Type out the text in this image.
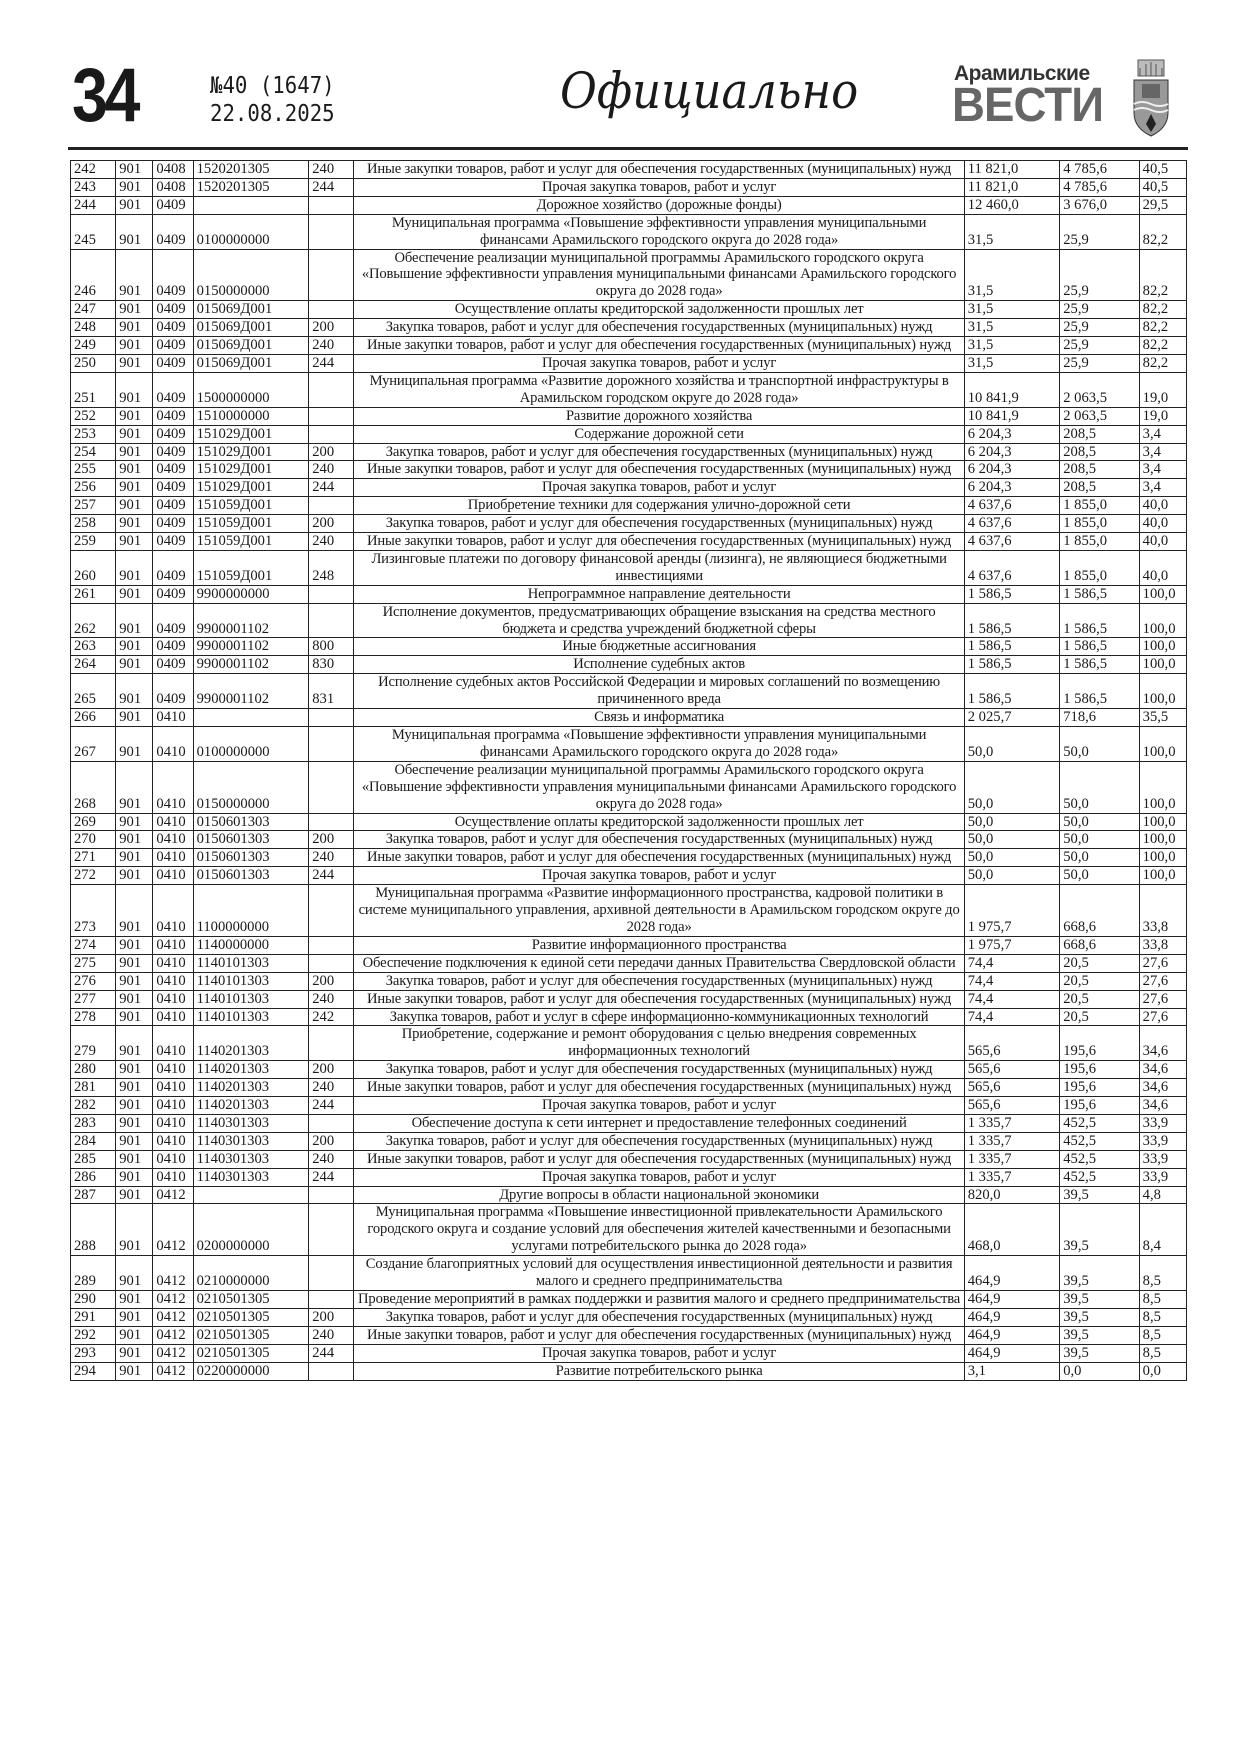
34	№40 (1647)
22.08.2025	Официально	Арамильские
ВЕСТИ
242	901	0408	1520201305	240	Иные закупки товаров, работ и услуг для обеспечения государственных (муниципальных) нужд	11 821,0	4 785,6	40,5
243	901	0408	1520201305	244	Прочая закупка товаров, работ и услуг	11 821,0	4 785,6	40,5
244	901	0409			Дорожное хозяйство (дорожные фонды)	12 460,0	3 676,0	29,5
245	901	0409	0100000000		Муниципальная программа «Повышение эффективности управления муниципальными финансами Арамильского городского округа до 2028 года»	31,5	25,9	82,2
246	901	0409	0150000000		Обеспечение реализации муниципальной программы Арамильского городского округа «Повышение эффективности управления муниципальными финансами Арамильского городского округа до 2028 года»	31,5	25,9	82,2
247	901	0409	015069Д001		Осуществление оплаты кредиторской задолженности прошлых лет	31,5	25,9	82,2
248	901	0409	015069Д001	200	Закупка товаров, работ и услуг для обеспечения государственных (муниципальных) нужд	31,5	25,9	82,2
249	901	0409	015069Д001	240	Иные закупки товаров, работ и услуг для обеспечения государственных (муниципальных) нужд	31,5	25,9	82,2
250	901	0409	015069Д001	244	Прочая закупка товаров, работ и услуг	31,5	25,9	82,2
251	901	0409	1500000000		Муниципальная программа «Развитие дорожного хозяйства и транспортной инфраструктуры в Арамильском городском округе до 2028 года»	10 841,9	2 063,5	19,0
252	901	0409	1510000000		Развитие дорожного хозяйства	10 841,9	2 063,5	19,0
253	901	0409	151029Д001		Содержание дорожной сети	6 204,3	208,5	3,4
254	901	0409	151029Д001	200	Закупка товаров, работ и услуг для обеспечения государственных (муниципальных) нужд	6 204,3	208,5	3,4
255	901	0409	151029Д001	240	Иные закупки товаров, работ и услуг для обеспечения государственных (муниципальных) нужд	6 204,3	208,5	3,4
256	901	0409	151029Д001	244	Прочая закупка товаров, работ и услуг	6 204,3	208,5	3,4
257	901	0409	151059Д001		Приобретение техники для содержания улично-дорожной сети	4 637,6	1 855,0	40,0
258	901	0409	151059Д001	200	Закупка товаров, работ и услуг для обеспечения государственных (муниципальных) нужд	4 637,6	1 855,0	40,0
259	901	0409	151059Д001	240	Иные закупки товаров, работ и услуг для обеспечения государственных (муниципальных) нужд	4 637,6	1 855,0	40,0
260	901	0409	151059Д001	248	Лизинговые платежи по договору финансовой аренды (лизинга), не являющиеся бюджетными инвестициями	4 637,6	1 855,0	40,0
261	901	0409	9900000000		Непрограммное направление деятельности	1 586,5	1 586,5	100,0
262	901	0409	9900001102		Исполнение документов, предусматривающих обращение взыскания на средства местного бюджета и средства учреждений бюджетной сферы	1 586,5	1 586,5	100,0
263	901	0409	9900001102	800	Иные бюджетные ассигнования	1 586,5	1 586,5	100,0
264	901	0409	9900001102	830	Исполнение судебных актов	1 586,5	1 586,5	100,0
265	901	0409	9900001102	831	Исполнение судебных актов Российской Федерации и мировых соглашений по возмещению причиненного вреда	1 586,5	1 586,5	100,0
266	901	0410			Связь и информатика	2 025,7	718,6	35,5
267	901	0410	0100000000		Муниципальная программа «Повышение эффективности управления муниципальными финансами Арамильского городского округа до 2028 года»	50,0	50,0	100,0
268	901	0410	0150000000		Обеспечение реализации муниципальной программы Арамильского городского округа «Повышение эффективности управления муниципальными финансами Арамильского городского округа до 2028 года»	50,0	50,0	100,0
269	901	0410	0150601303		Осуществление оплаты кредиторской задолженности прошлых лет	50,0	50,0	100,0
270	901	0410	0150601303	200	Закупка товаров, работ и услуг для обеспечения государственных (муниципальных) нужд	50,0	50,0	100,0
271	901	0410	0150601303	240	Иные закупки товаров, работ и услуг для обеспечения государственных (муниципальных) нужд	50,0	50,0	100,0
272	901	0410	0150601303	244	Прочая закупка товаров, работ и услуг	50,0	50,0	100,0
273	901	0410	1100000000		Муниципальная программа «Развитие информационного пространства, кадровой политики в системе муниципального управления, архивной деятельности в Арамильском городском округе до 2028 года»	1 975,7	668,6	33,8
274	901	0410	1140000000		Развитие информационного пространства	1 975,7	668,6	33,8
275	901	0410	1140101303		Обеспечение подключения к единой сети передачи данных Правительства Свердловской области	74,4	20,5	27,6
276	901	0410	1140101303	200	Закупка товаров, работ и услуг для обеспечения государственных (муниципальных) нужд	74,4	20,5	27,6
277	901	0410	1140101303	240	Иные закупки товаров, работ и услуг для обеспечения государственных (муниципальных) нужд	74,4	20,5	27,6
278	901	0410	1140101303	242	Закупка товаров, работ и услуг в сфере информационно-коммуникационных технологий	74,4	20,5	27,6
279	901	0410	1140201303		Приобретение, содержание и ремонт оборудования с целью внедрения современных информационных технологий	565,6	195,6	34,6
280	901	0410	1140201303	200	Закупка товаров, работ и услуг для обеспечения государственных (муниципальных) нужд	565,6	195,6	34,6
281	901	0410	1140201303	240	Иные закупки товаров, работ и услуг для обеспечения государственных (муниципальных) нужд	565,6	195,6	34,6
282	901	0410	1140201303	244	Прочая закупка товаров, работ и услуг	565,6	195,6	34,6
283	901	0410	1140301303		Обеспечение доступа к сети интернет и предоставление телефонных соединений	1 335,7	452,5	33,9
284	901	0410	1140301303	200	Закупка товаров, работ и услуг для обеспечения государственных (муниципальных) нужд	1 335,7	452,5	33,9
285	901	0410	1140301303	240	Иные закупки товаров, работ и услуг для обеспечения государственных (муниципальных) нужд	1 335,7	452,5	33,9
286	901	0410	1140301303	244	Прочая закупка товаров, работ и услуг	1 335,7	452,5	33,9
287	901	0412			Другие вопросы в области национальной экономики	820,0	39,5	4,8
288	901	0412	0200000000		Муниципальная программа «Повышение инвестиционной привлекательности Арамильского городского округа и создание условий для обеспечения жителей качественными и безопасными услугами потребительского рынка до 2028 года»	468,0	39,5	8,4
289	901	0412	0210000000		Создание благоприятных условий для осуществления инвестиционной деятельности и развития малого и среднего предпринимательства	464,9	39,5	8,5
290	901	0412	0210501305		Проведение мероприятий в рамках поддержки и развития малого и среднего предпринимательства	464,9	39,5	8,5
291	901	0412	0210501305	200	Закупка товаров, работ и услуг для обеспечения государственных (муниципальных) нужд	464,9	39,5	8,5
292	901	0412	0210501305	240	Иные закупки товаров, работ и услуг для обеспечения государственных (муниципальных) нужд	464,9	39,5	8,5
293	901	0412	0210501305	244	Прочая закупка товаров, работ и услуг	464,9	39,5	8,5
294	901	0412	0220000000		Развитие потребительского рынка	3,1	0,0	0,0
